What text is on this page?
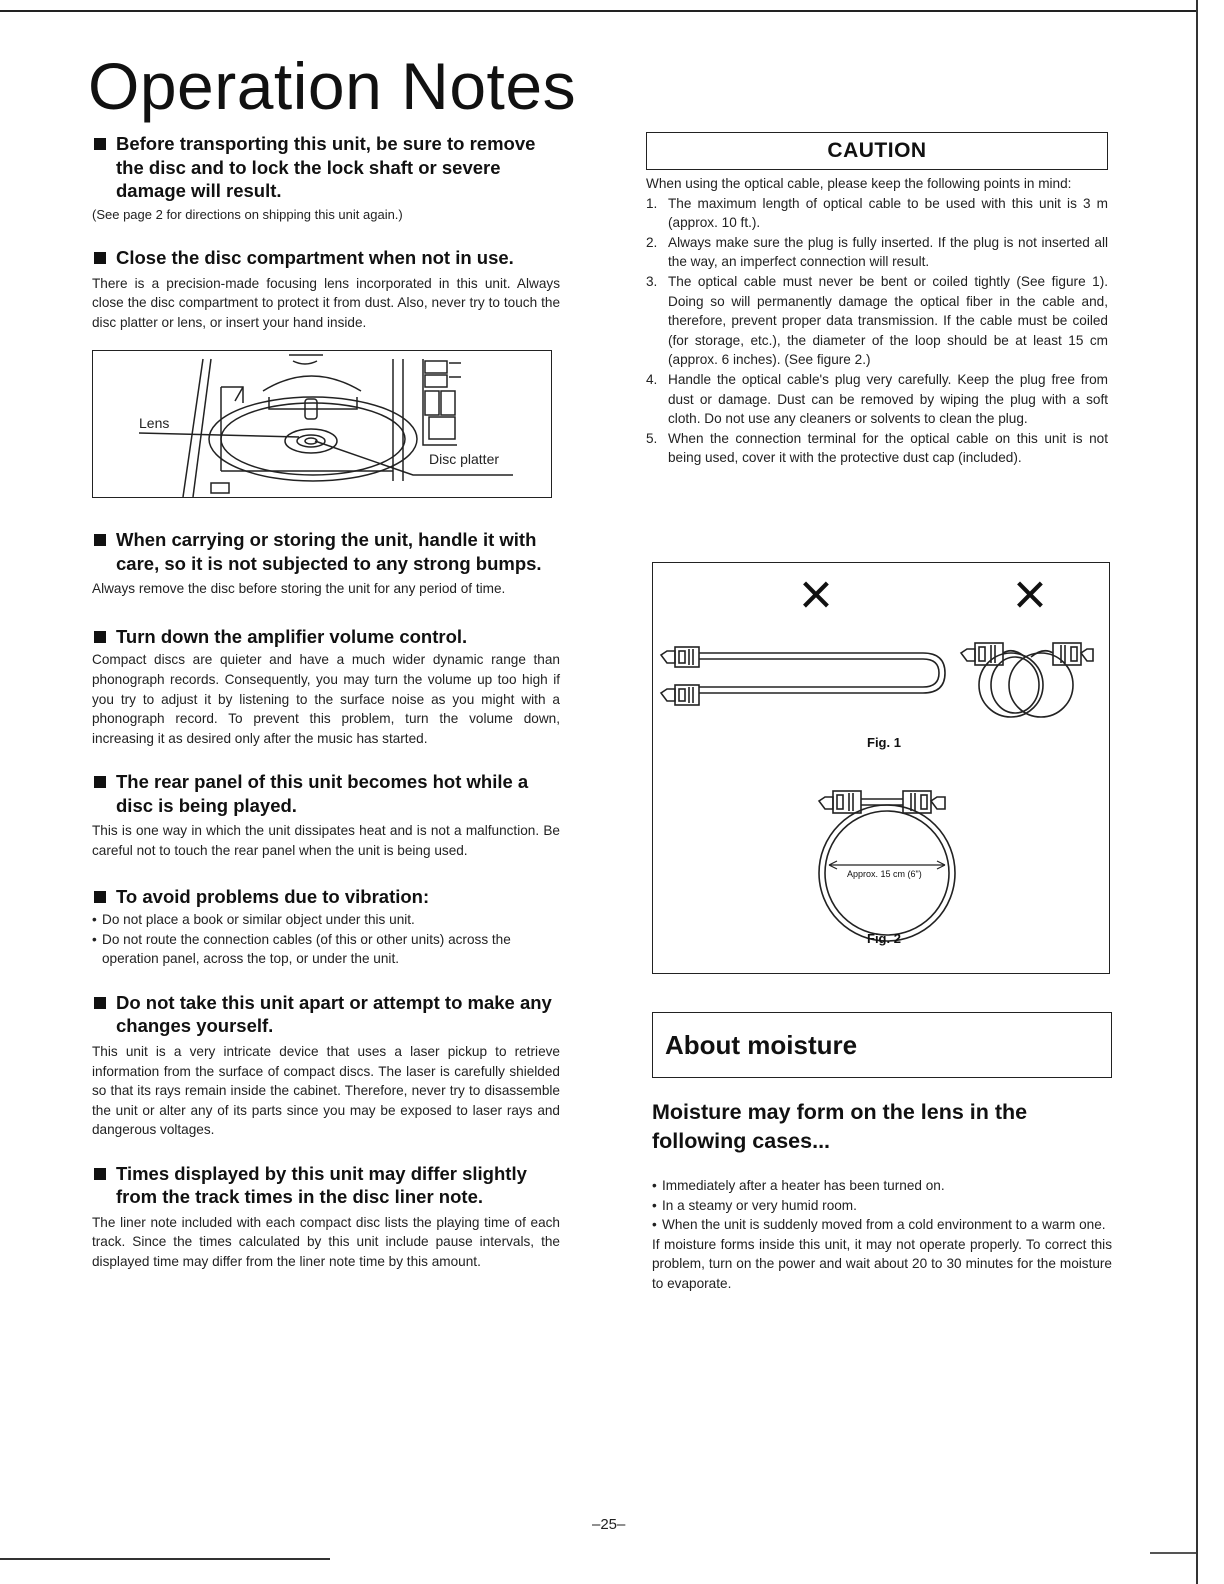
Operation Notes
Before transporting this unit, be sure to remove the disc and to lock the lock shaft or severe damage will result.
(See page 2 for directions on shipping this unit again.)
Close the disc compartment when not in use.
There is a precision-made focusing lens incorporated in this unit. Always close the disc compartment to protect it from dust. Also, never try to touch the disc platter or lens, or insert your hand inside.
Lens
Disc platter
When carrying or storing the unit, handle it with care, so it is not subjected to any strong bumps.
Always remove the disc before storing the unit for any period of time.
Turn down the amplifier volume control.
Compact discs are quieter and have a much wider dynamic range than phonograph records. Consequently, you may turn the volume up too high if you try to adjust it by listening to the surface noise as you might with a phonograph record. To prevent this problem, turn the volume down, increasing it as desired only after the music has started.
The rear panel of this unit becomes hot while a disc is being played.
This is one way in which the unit dissipates heat and is not a malfunction. Be careful not to touch the rear panel when the unit is being used.
To avoid problems due to vibration:
• Do not place a book or similar object under this unit.
• Do not route the connection cables (of this or other units) across the operation panel, across the top, or under the unit.
Do not take this unit apart or attempt to make any changes yourself.
This unit is a very intricate device that uses a laser pickup to retrieve information from the surface of compact discs. The laser is carefully shielded so that its rays remain inside the cabinet. Therefore, never try to disassemble the unit or alter any of its parts since you may be exposed to laser rays and dangerous voltages.
Times displayed by this unit may differ slightly from the track times in the disc liner note.
The liner note included with each compact disc lists the playing time of each track. Since the times calculated by this unit include pause intervals, the displayed time may differ from the liner note time by this amount.
CAUTION
When using the optical cable, please keep the following points in mind:
1. The maximum length of optical cable to be used with this unit is 3 m (approx. 10 ft.).
2. Always make sure the plug is fully inserted. If the plug is not inserted all the way, an imperfect connection will result.
3. The optical cable must never be bent or coiled tightly (See figure 1). Doing so will permanently damage the optical fiber in the cable and, therefore, prevent proper data transmission. If the cable must be coiled (for storage, etc.), the diameter of the loop should be at least 15 cm (approx. 6 inches). (See figure 2.)
4. Handle the optical cable's plug very carefully. Keep the plug free from dust or damage. Dust can be removed by wiping the plug with a soft cloth. Do not use any cleaners or solvents to clean the plug.
5. When the connection terminal for the optical cable on this unit is not being used, cover it with the protective dust cap (included).
×	×
Fig. 1
Approx. 15 cm (6")
Fig. 2
About moisture
Moisture may form on the lens in the following cases...
• Immediately after a heater has been turned on.
• In a steamy or very humid room.
• When the unit is suddenly moved from a cold environment to a warm one.
If moisture forms inside this unit, it may not operate properly. To correct this problem, turn on the power and wait about 20 to 30 minutes for the moisture to evaporate.
–25–
